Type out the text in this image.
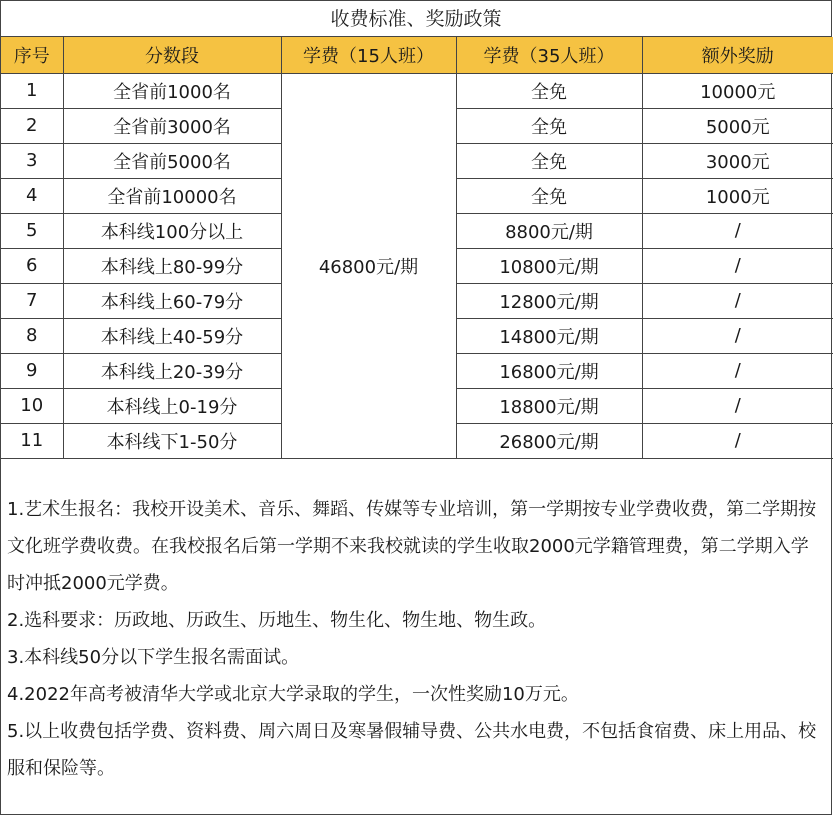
收费标准、奖励政策
序号	分数段	学费（15人班）	学费（35人班）	额外奖励
1	全省前1000名	46800元/期	全免	10000元
2	全省前3000名		全免	5000元
3	全省前5000名		全免	3000元
4	全省前10000名		全免	1000元
5	本科线100分以上		8800元/期	/
6	本科线上80-99分		10800元/期	/
7	本科线上60-79分		12800元/期	/
8	本科线上40-59分		14800元/期	/
9	本科线上20-39分		16800元/期	/
10	本科线上0-19分		18800元/期	/
11	本科线下1-50分		26800元/期	/

1.艺术生报名：我校开设美术、音乐、舞蹈、传媒等专业培训，第一学期按专业学费收费，第二学期按文化班学费收费。在我校报名后第一学期不来我校就读的学生收取2000元学籍管理费，第二学期入学时冲抵2000元学费。

2.选科要求：历政地、历政生、历地生、物生化、物生地、物生政。

3.本科线50分以下学生报名需面试。

4.2022年高考被清华大学或北京大学录取的学生，一次性奖励10万元。

5.以上收费包括学费、资料费、周六周日及寒暑假辅导费、公共水电费，不包括食宿费、床上用品、校服和保险等。
